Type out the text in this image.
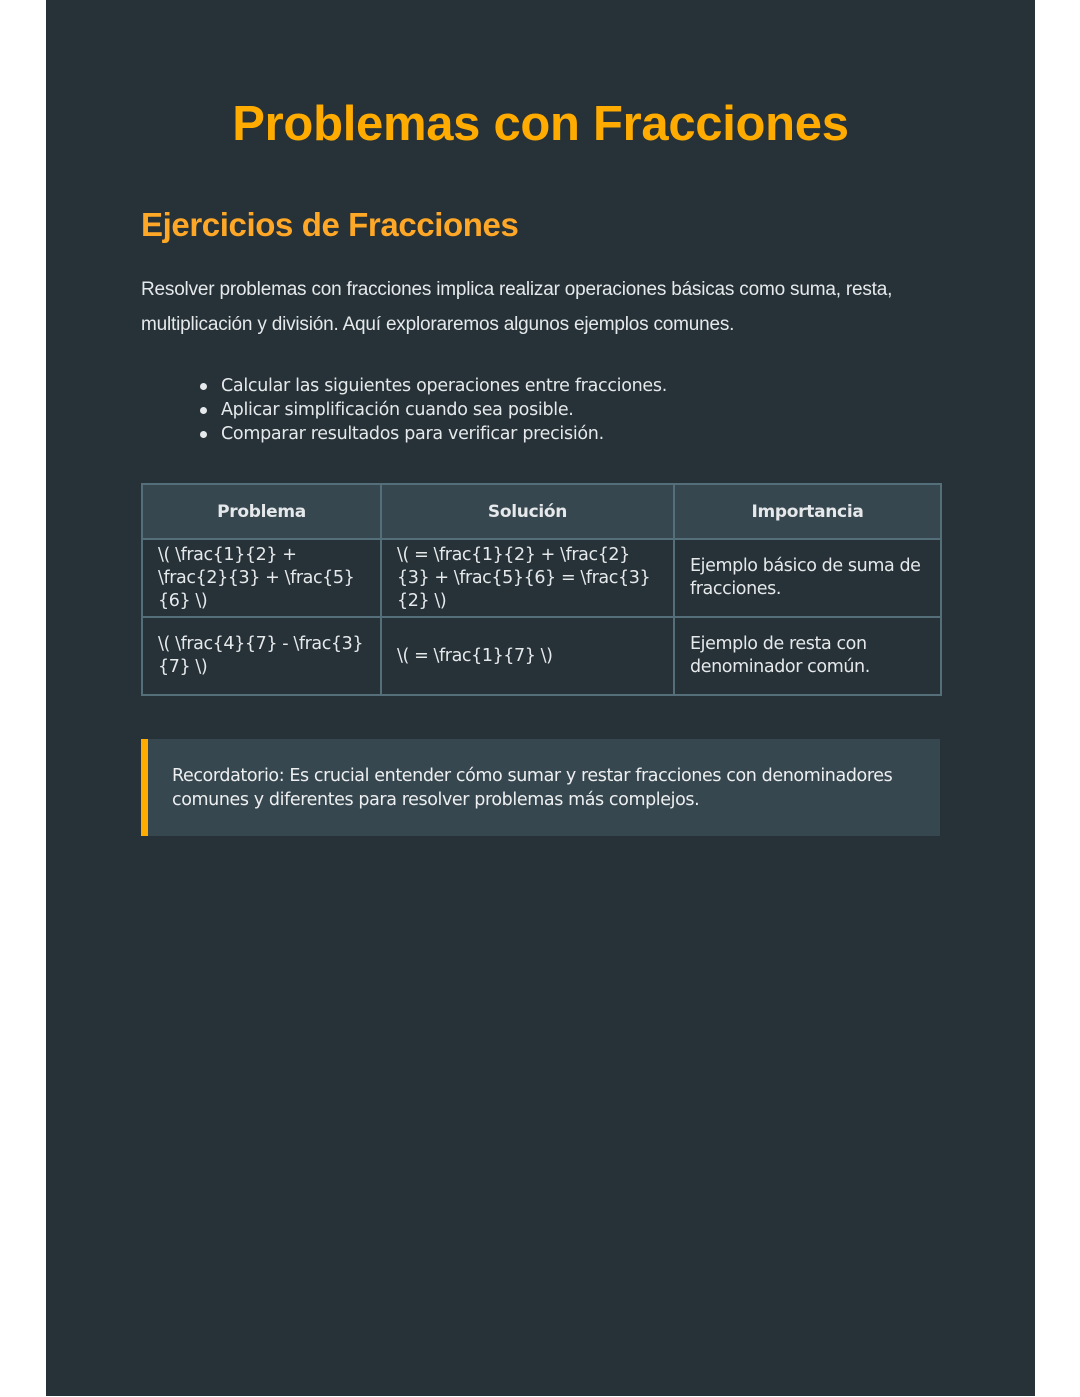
Problemas con Fracciones
Ejercicios de Fracciones

Resolver problemas con fracciones implica realizar operaciones básicas como suma, resta, multiplicación y división. Aquí exploraremos algunos ejemplos comunes.

Calcular las siguientes operaciones entre fracciones.
Aplicar simplificación cuando sea posible.
Comparar resultados para verificar precisión.
Problema	Solución	Importancia
\( \frac{1}{2} + \frac{2}{3} + \frac{5}{6} \)	\( = \frac{1}{2} + \frac{2}{3} + \frac{5}{6} = \frac{3}{2} \)	Ejemplo básico de suma de fracciones.
\( \frac{4}{7} - \frac{3}{7} \)	\( = \frac{1}{7} \)	Ejemplo de resta con denominador común.
Recordatorio: Es crucial entender cómo sumar y restar fracciones con denominadores comunes y diferentes para resolver problemas más complejos.
